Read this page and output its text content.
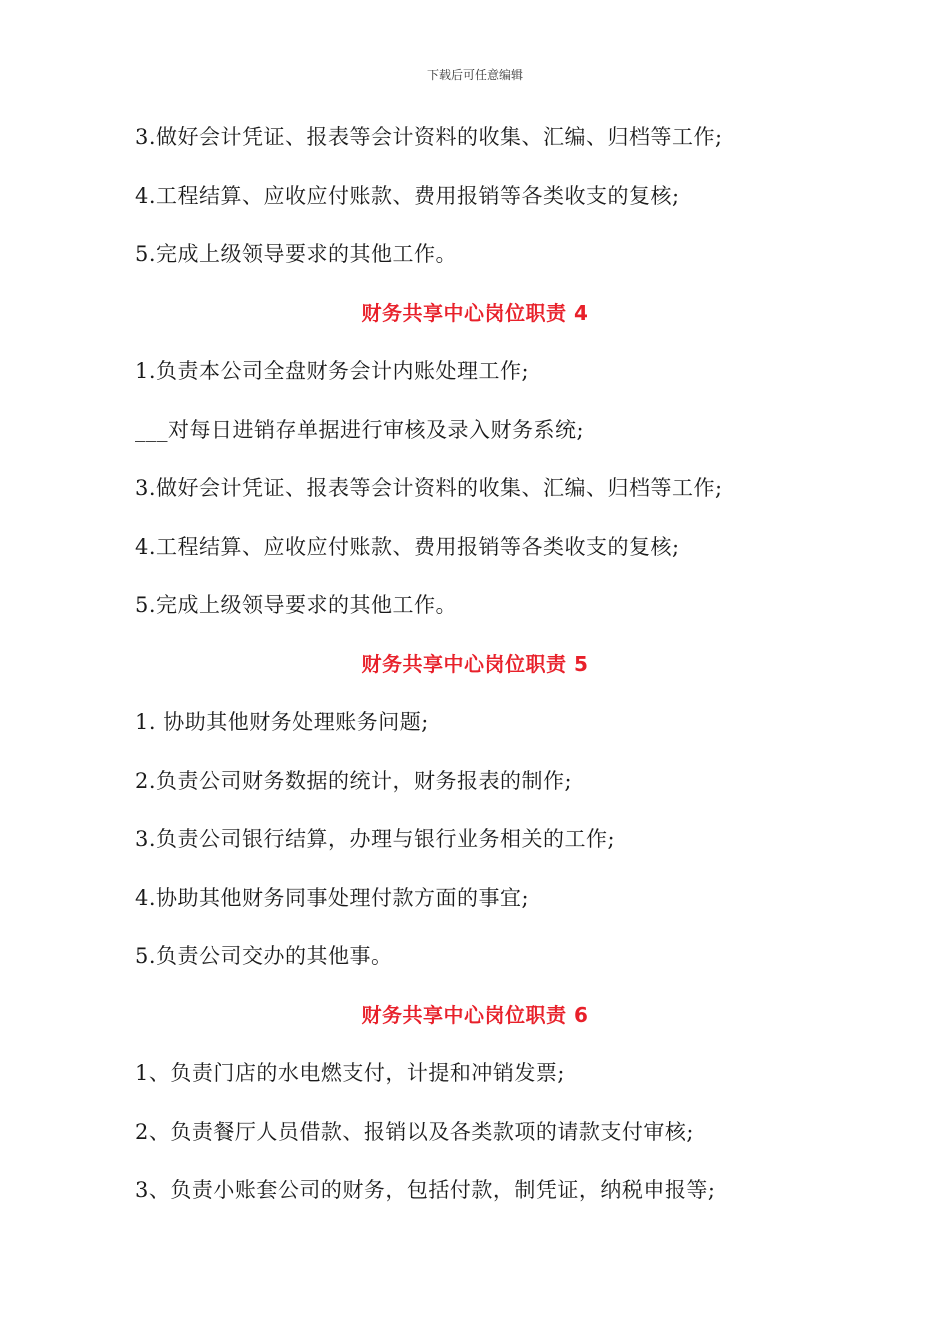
下载后可任意编辑
3.做好会计凭证、报表等会计资料的收集、汇编、归档等工作;
4.工程结算、应收应付账款、费用报销等各类收支的复核;
5.完成上级领导要求的其他工作。
财务共享中心岗位职责 4
1.负责本公司全盘财务会计内账处理工作;
___对每日进销存单据进行审核及录入财务系统;
3.做好会计凭证、报表等会计资料的收集、汇编、归档等工作;
4.工程结算、应收应付账款、费用报销等各类收支的复核;
5.完成上级领导要求的其他工作。
财务共享中心岗位职责 5
1. 协助其他财务处理账务问题;
2.负责公司财务数据的统计，财务报表的制作;
3.负责公司银行结算，办理与银行业务相关的工作;
4.协助其他财务同事处理付款方面的事宜;
5.负责公司交办的其他事。
财务共享中心岗位职责 6
1、负责门店的水电燃支付，计提和冲销发票;
2、负责餐厅人员借款、报销以及各类款项的请款支付审核;
3、负责小账套公司的财务，包括付款，制凭证，纳税申报等;
